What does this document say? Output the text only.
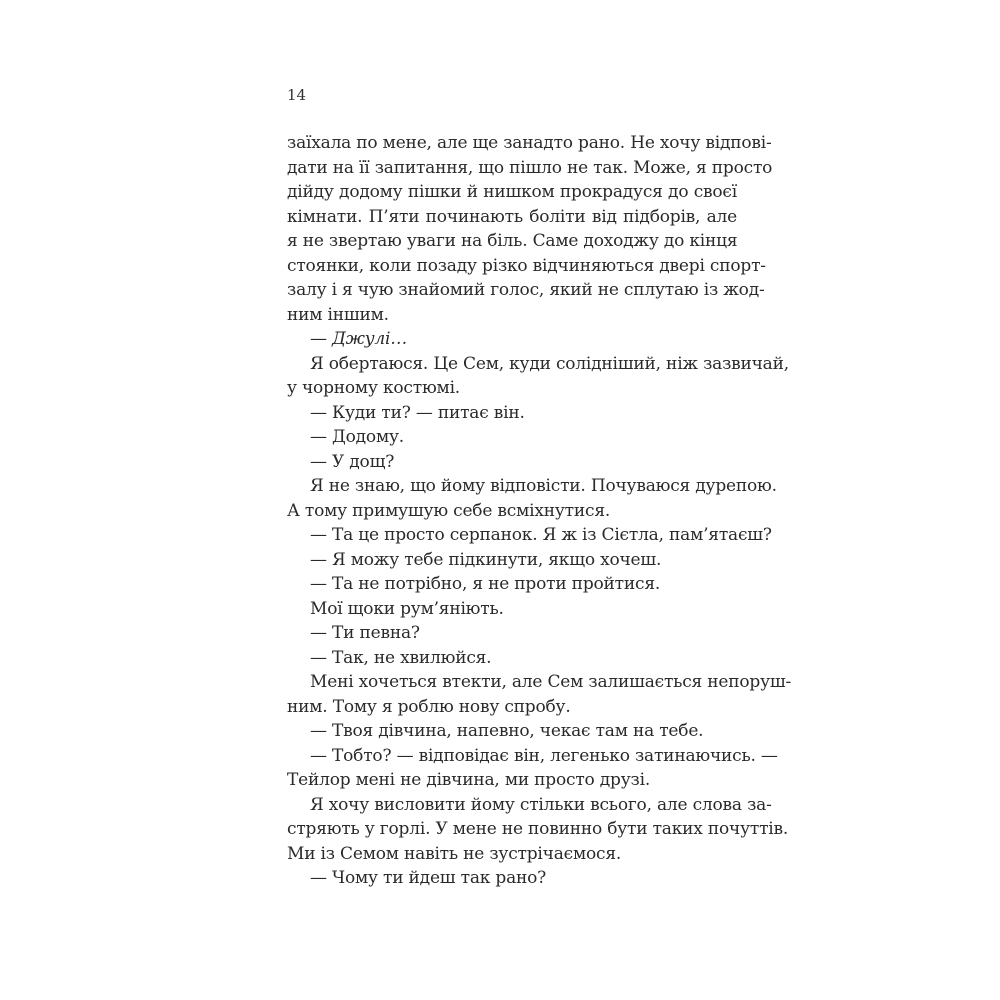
14
заїхала по мене, але ще занадто рано. Не хочу відпові-
дати на її запитання, що пішло не так. Може, я просто
дійду додому пішки й нишком прокрадуся до своєї
кімнати. П’яти починають боліти від підборів, але
я не звертаю уваги на біль. Саме доходжу до кінця
стоянки, коли позаду різко відчиняються двері спорт-
залу і я чую знайомий голос, який не сплутаю із жод-
ним іншим.
— Джулі…
Я обертаюся. Це Сем, куди солідніший, ніж зазвичай,
у чорному костюмі.
— Куди ти? — питає він.
— Додому.
— У дощ?
Я не знаю, що йому відповісти. Почуваюся дурепою.
А тому примушую себе всміхнутися.
— Та це просто серпанок. Я ж із Сієтла, пам’ятаєш?
— Я можу тебе підкинути, якщо хочеш.
— Та не потрібно, я не проти пройтися.
Мої щоки рум’яніють.
— Ти певна?
— Так, не хвилюйся.
Мені хочеться втекти, але Сем залишається непоруш-
ним. Тому я роблю нову спробу.
— Твоя дівчина, напевно, чекає там на тебе.
— Тобто? — відповідає він, легенько затинаючись. —
Тейлор мені не дівчина, ми просто друзі.
Я хочу висловити йому стільки всього, але слова за-
стряють у горлі. У мене не повинно бути таких почуттів.
Ми із Семом навіть не зустрічаємося.
— Чому ти йдеш так рано?
